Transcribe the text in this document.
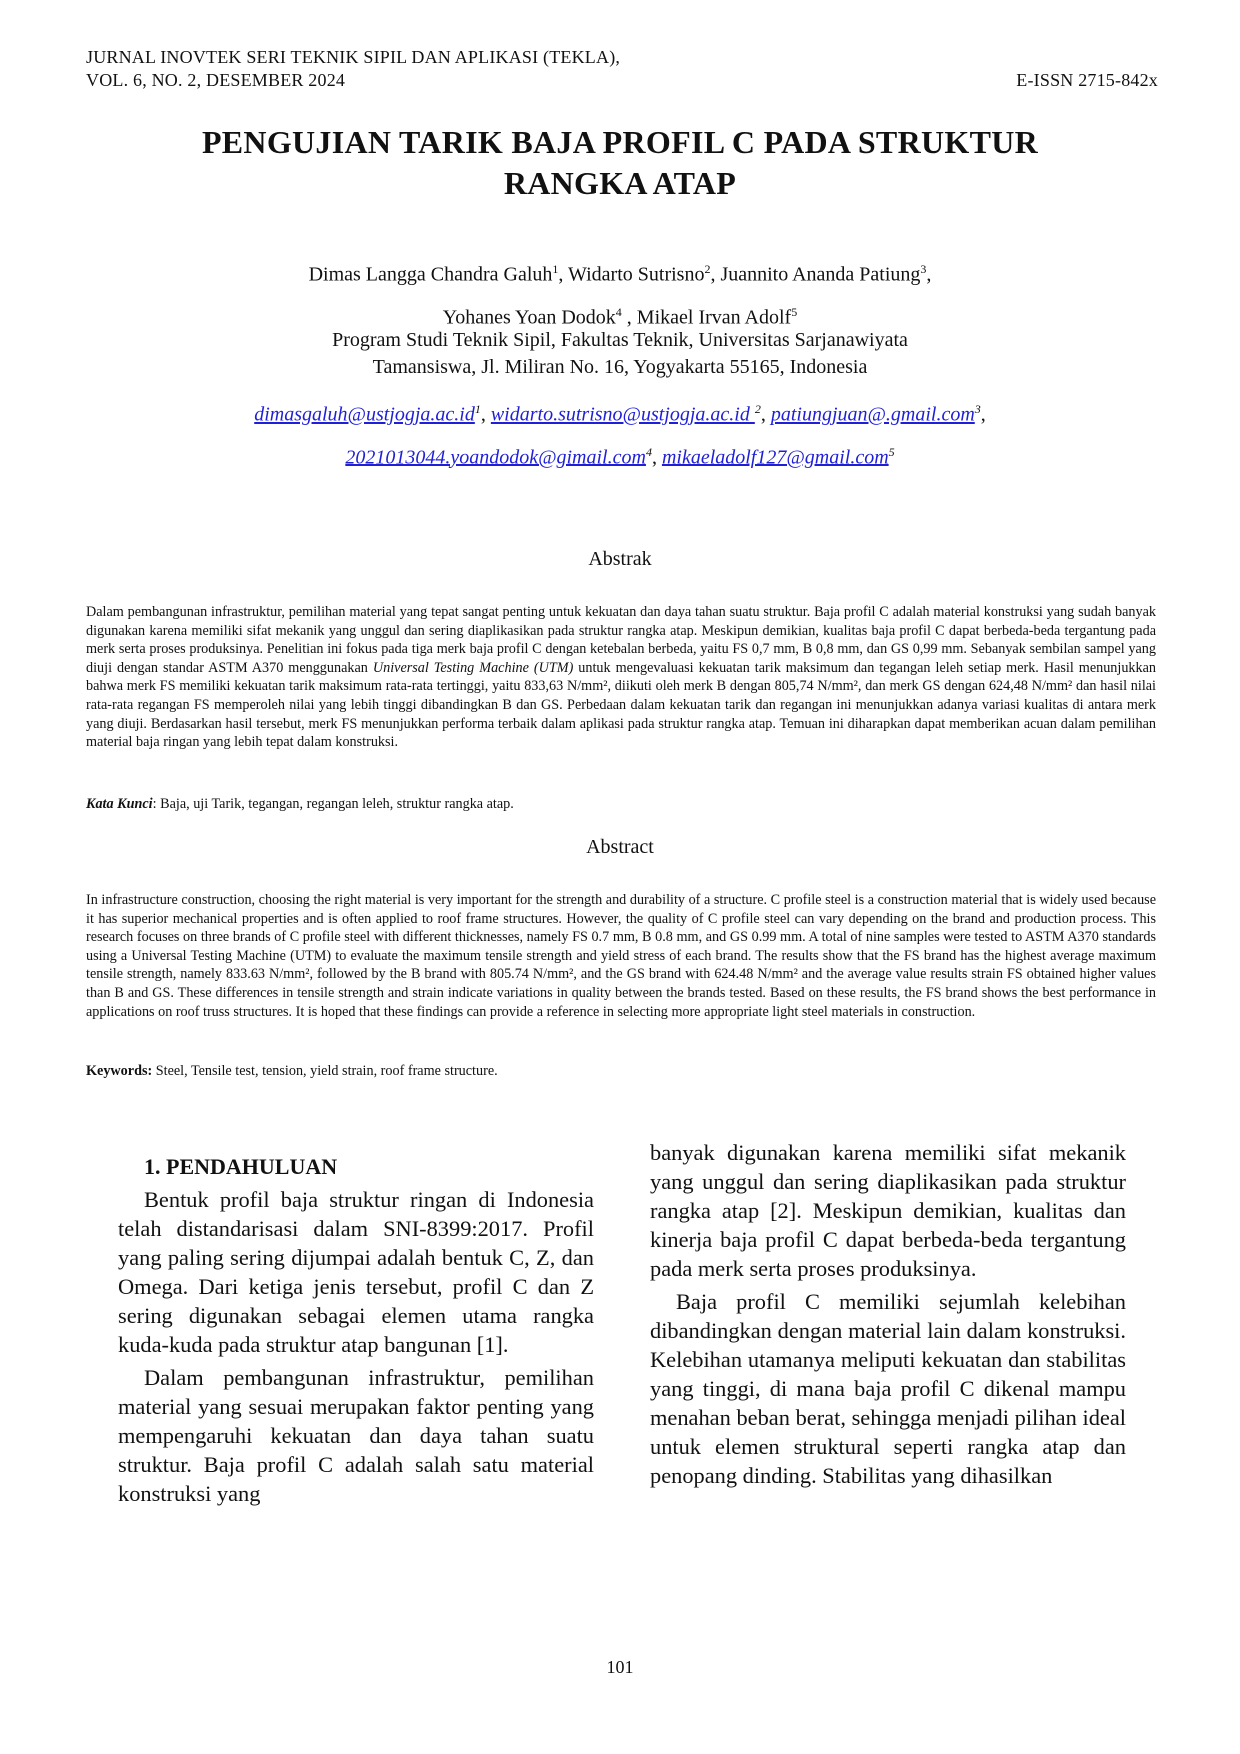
JURNAL INOVTEK SERI TEKNIK SIPIL DAN APLIKASI (TEKLA),
VOL. 6, NO. 2, DESEMBER 2024	E-ISSN 2715-842x
PENGUJIAN TARIK BAJA PROFIL C PADA STRUKTUR
RANGKA ATAP
Dimas Langga Chandra Galuh$^1$, Widarto Sutrisno$^2$, Juannito Ananda Patiung$^3$,
Yohanes Yoan Dodok$^4$ , Mikael Irvan Adolf$^5$
Program Studi Teknik Sipil, Fakultas Teknik, Universitas Sarjanawiyata
Tamansiswa, Jl. Miliran No. 16, Yogyakarta 55165, Indonesia
$dimasgaluh@ustjogja.ac.id^1$, widarto.sutrisno@ustjogja.ac.id $^2$, patiungjuan@.gmail.com$^3$,
2021013044.yoandodok@gimail.com$^4$, mikaeladolf127@gmail.com$^5$
Abstrak
Dalam pembangunan infrastruktur, pemilihan material yang tepat sangat penting untuk kekuatan dan daya tahan suatu struktur. Baja profil C adalah material konstruksi yang sudah banyak digunakan karena memiliki sifat mekanik yang unggul dan sering diaplikasikan pada struktur rangka atap. Meskipun demikian, kualitas baja profil C dapat berbeda-beda tergantung pada merk serta proses produksinya. Penelitian ini fokus pada tiga merk baja profil C dengan ketebalan berbeda, yaitu FS 0,7 mm, B 0,8 mm, dan GS 0,99 mm. Sebanyak sembilan sampel yang diuji dengan standar ASTM A370 menggunakan Universal Testing Machine (UTM) untuk mengevaluasi kekuatan tarik maksimum dan tegangan leleh setiap merk. Hasil menunjukkan bahwa merk FS memiliki kekuatan tarik maksimum rata-rata tertinggi, yaitu 833,63 N/mm², diikuti oleh merk B dengan 805,74 N/mm², dan merk GS dengan 624,48 N/mm² dan hasil nilai rata-rata regangan FS memperoleh nilai yang lebih tinggi dibandingkan B dan GS. Perbedaan dalam kekuatan tarik dan regangan ini menunjukkan adanya variasi kualitas di antara merk yang diuji. Berdasarkan hasil tersebut, merk FS menunjukkan performa terbaik dalam aplikasi pada struktur rangka atap. Temuan ini diharapkan dapat memberikan acuan dalam pemilihan material baja ringan yang lebih tepat dalam konstruksi.
Kata Kunci: Baja, uji Tarik, tegangan, regangan leleh, struktur rangka atap.
Abstract
In infrastructure construction, choosing the right material is very important for the strength and durability of a structure. C profile steel is a construction material that is widely used because it has superior mechanical properties and is often applied to roof frame structures. However, the quality of C profile steel can vary depending on the brand and production process. This research focuses on three brands of C profile steel with different thicknesses, namely FS 0.7 mm, B 0.8 mm, and GS 0.99 mm. A total of nine samples were tested to ASTM A370 standards using a Universal Testing Machine (UTM) to evaluate the maximum tensile strength and yield stress of each brand. The results show that the FS brand has the highest average maximum tensile strength, namely 833.63 N/mm², followed by the B brand with 805.74 N/mm², and the GS brand with 624.48 N/mm² and the average value results strain FS obtained higher values than B and GS. These differences in tensile strength and strain indicate variations in quality between the brands tested. Based on these results, the FS brand shows the best performance in applications on roof truss structures. It is hoped that these findings can provide a reference in selecting more appropriate light steel materials in construction.
Keywords: Steel, Tensile test, tension, yield strain, roof frame structure.

1. PENDAHULUAN

Bentuk profil baja struktur ringan di Indonesia telah distandarisasi dalam SNI-8399:2017. Profil yang paling sering dijumpai adalah bentuk C, Z, dan Omega. Dari ketiga jenis tersebut, profil C dan Z sering digunakan sebagai elemen utama rangka kuda-kuda pada struktur atap bangunan [1].

Dalam pembangunan infrastruktur, pemilihan material yang sesuai merupakan faktor penting yang mempengaruhi kekuatan dan daya tahan suatu struktur. Baja profil C adalah salah satu material konstruksi yang

banyak digunakan karena memiliki sifat mekanik yang unggul dan sering diaplikasikan pada struktur rangka atap [2]. Meskipun demikian, kualitas dan kinerja baja profil C dapat berbeda-beda tergantung pada merk serta proses produksinya.

Baja profil C memiliki sejumlah kelebihan dibandingkan dengan material lain dalam konstruksi. Kelebihan utamanya meliputi kekuatan dan stabilitas yang tinggi, di mana baja profil C dikenal mampu menahan beban berat, sehingga menjadi pilihan ideal untuk elemen struktural seperti rangka atap dan penopang dinding. Stabilitas yang dihasilkan

101
